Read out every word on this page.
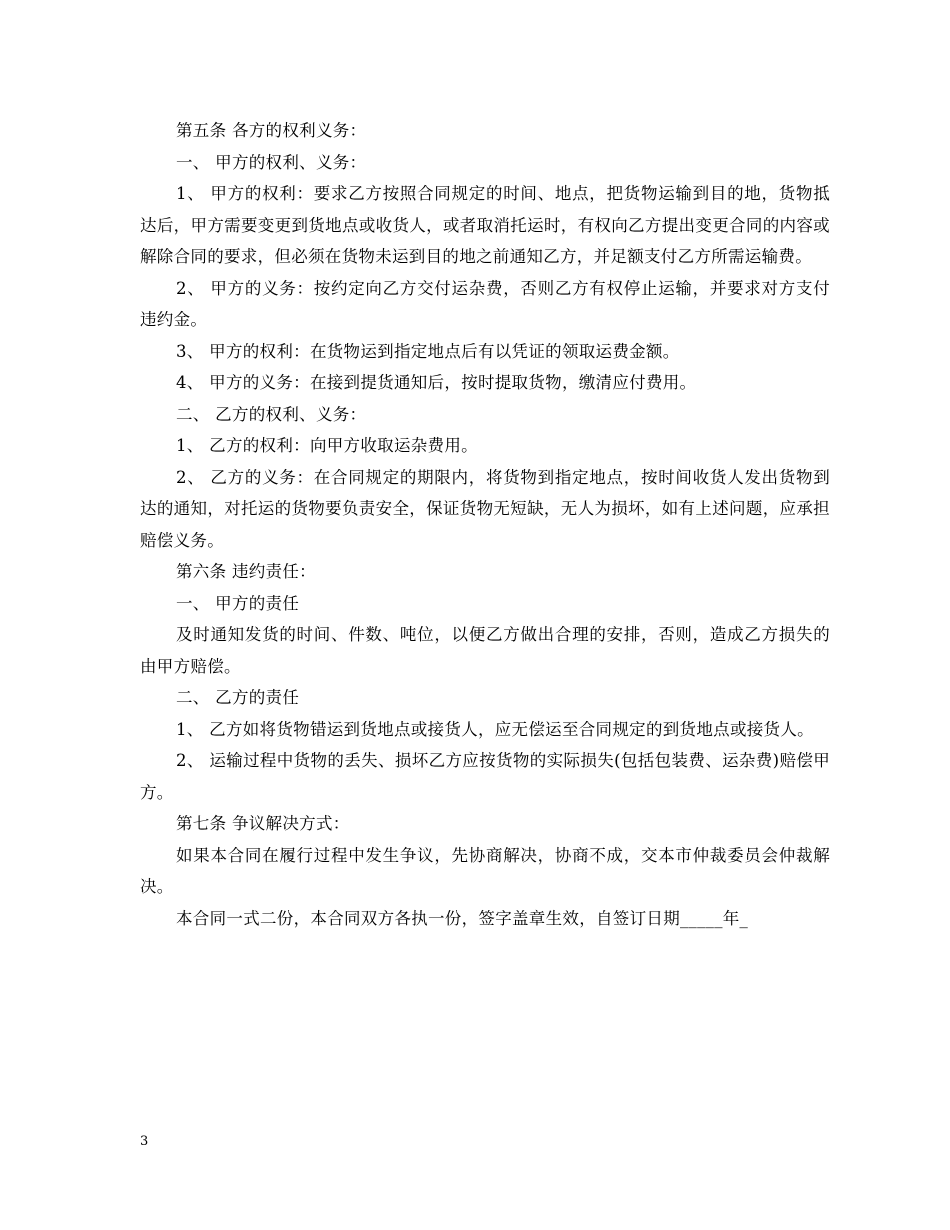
第五条 各方的权利义务：

一、 甲方的权利、义务：

1、 甲方的权利：要求乙方按照合同规定的时间、地点，把货物运输到目的地，货物抵达后，甲方需要变更到货地点或收货人，或者取消托运时，有权向乙方提出变更合同的内容或解除合同的要求，但必须在货物未运到目的地之前通知乙方，并足额支付乙方所需运输费。

2、 甲方的义务：按约定向乙方交付运杂费，否则乙方有权停止运输，并要求对方支付违约金。

3、 甲方的权利：在货物运到指定地点后有以凭证的领取运费金额。

4、 甲方的义务：在接到提货通知后，按时提取货物，缴清应付费用。

二、 乙方的权利、义务：

1、 乙方的权利：向甲方收取运杂费用。

2、 乙方的义务：在合同规定的期限内，将货物到指定地点，按时间收货人发出货物到达的通知，对托运的货物要负责安全，保证货物无短缺，无人为损坏，如有上述问题，应承担赔偿义务。

第六条 违约责任：

一、 甲方的责任

及时通知发货的时间、件数、吨位，以便乙方做出合理的安排，否则，造成乙方损失的由甲方赔偿。

二、 乙方的责任

1、 乙方如将货物错运到货地点或接货人，应无偿运至合同规定的到货地点或接货人。

2、 运输过程中货物的丢失、损坏乙方应按货物的实际损失(包括包装费、运杂费)赔偿甲方。

第七条 争议解决方式：

如果本合同在履行过程中发生争议，先协商解决，协商不成，交本市仲裁委员会仲裁解决。

本合同一式二份，本合同双方各执一份，签字盖章生效，自签订日期_____年_

3
